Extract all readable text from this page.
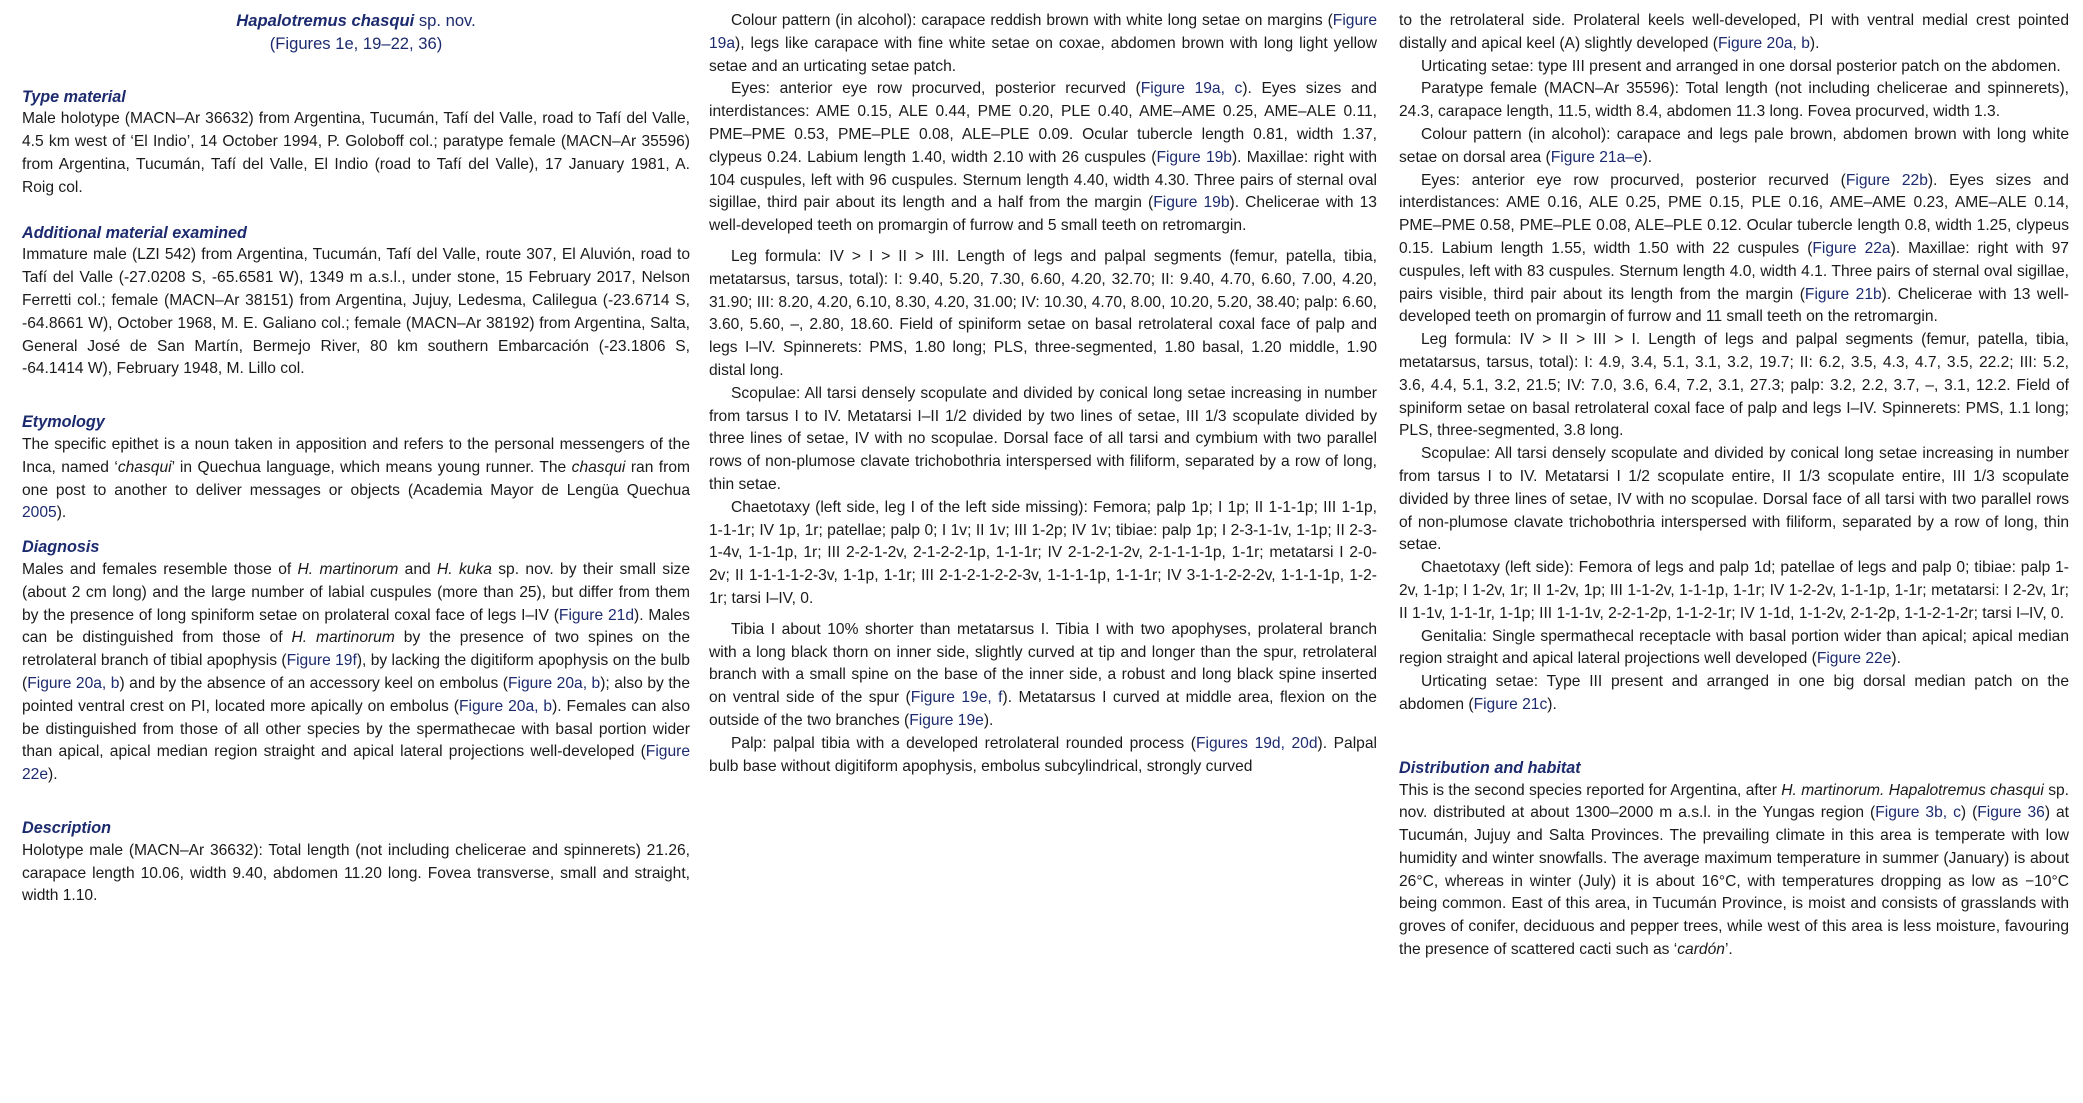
Hapalotremus chasqui sp. nov.
(Figures 1e, 19–22, 36)
Type material

Male holotype (MACN–Ar 36632) from Argentina, Tucumán, Tafí del Valle, road to Tafí del Valle, 4.5 km west of ‘El Indio’, 14 October 1994, P. Goloboff col.; paratype female (MACN–Ar 35596) from Argentina, Tucumán, Tafí del Valle, El Indio (road to Tafí del Valle), 17 January 1981, A. Roig col.

Additional material examined

Immature male (LZI 542) from Argentina, Tucumán, Tafí del Valle, route 307, El Aluvión, road to Tafí del Valle (-27.0208 S, -65.6581 W), 1349 m a.s.l., under stone, 15 February 2017, Nelson Ferretti col.; female (MACN–Ar 38151) from Argentina, Jujuy, Ledesma, Calilegua (-23.6714 S, -64.8661 W), October 1968, M. E. Galiano col.; female (MACN–Ar 38192) from Argentina, Salta, General José de San Martín, Bermejo River, 80 km southern Embarcación (-23.1806 S, -64.1414 W), February 1948, M. Lillo col.

Etymology

The specific epithet is a noun taken in apposition and refers to the personal messengers of the Inca, named ‘chasqui’ in Quechua language, which means young runner. The chasqui ran from one post to another to deliver messages or objects (Academia Mayor de Lengüa Quechua 2005).

Diagnosis

Males and females resemble those of H. martinorum and H. kuka sp. nov. by their small size (about 2 cm long) and the large number of labial cuspules (more than 25), but differ from them by the presence of long spiniform setae on prolateral coxal face of legs I–IV (Figure 21d). Males can be distinguished from those of H. martinorum by the presence of two spines on the retrolateral branch of tibial apophysis (Figure 19f), by lacking the digitiform apophysis on the bulb (Figure 20a, b) and by the absence of an accessory keel on embolus (Figure 20a, b); also by the pointed ventral crest on PI, located more apically on embolus (Figure 20a, b). Females can also be distinguished from those of all other species by the spermathecae with basal portion wider than apical, apical median region straight and apical lateral projections well-developed (Figure 22e).

Description

Holotype male (MACN–Ar 36632): Total length (not including chelicerae and spinnerets) 21.26, carapace length 10.06, width 9.40, abdomen 11.20 long. Fovea transverse, small and straight, width 1.10.

Colour pattern (in alcohol): carapace reddish brown with white long setae on margins (Figure 19a), legs like carapace with fine white setae on coxae, abdomen brown with long light yellow setae and an urticating setae patch.

Eyes: anterior eye row procurved, posterior recurved (Figure 19a, c). Eyes sizes and interdistances: AME 0.15, ALE 0.44, PME 0.20, PLE 0.40, AME–AME 0.25, AME–ALE 0.11, PME–PME 0.53, PME–PLE 0.08, ALE–PLE 0.09. Ocular tubercle length 0.81, width 1.37, clypeus 0.24. Labium length 1.40, width 2.10 with 26 cuspules (Figure 19b). Maxillae: right with 104 cuspules, left with 96 cuspules. Sternum length 4.40, width 4.30. Three pairs of sternal oval sigillae, third pair about its length and a half from the margin (Figure 19b). Chelicerae with 13 well-developed teeth on promargin of furrow and 5 small teeth on retromargin.

Leg formula: IV > I > II > III. Length of legs and palpal segments (femur, patella, tibia, metatarsus, tarsus, total): I: 9.40, 5.20, 7.30, 6.60, 4.20, 32.70; II: 9.40, 4.70, 6.60, 7.00, 4.20, 31.90; III: 8.20, 4.20, 6.10, 8.30, 4.20, 31.00; IV: 10.30, 4.70, 8.00, 10.20, 5.20, 38.40; palp: 6.60, 3.60, 5.60, –, 2.80, 18.60. Field of spiniform setae on basal retrolateral coxal face of palp and legs I–IV. Spinnerets: PMS, 1.80 long; PLS, three-segmented, 1.80 basal, 1.20 middle, 1.90 distal long.

Scopulae: All tarsi densely scopulate and divided by conical long setae increasing in number from tarsus I to IV. Metatarsi I–II 1/2 divided by two lines of setae, III 1/3 scopulate divided by three lines of setae, IV with no scopulae. Dorsal face of all tarsi and cymbium with two parallel rows of non-plumose clavate trichobothria interspersed with filiform, separated by a row of long, thin setae.

Chaetotaxy (left side, leg I of the left side missing): Femora; palp 1p; I 1p; II 1-1-1p; III 1-1p, 1-1-1r; IV 1p, 1r; patellae; palp 0; I 1v; II 1v; III 1-2p; IV 1v; tibiae: palp 1p; I 2-3-1-1v, 1-1p; II 2-3-1-4v, 1-1-1p, 1r; III 2-2-1-2v, 2-1-2-2-1p, 1-1-1r; IV 2-1-2-1-2v, 2-1-1-1-1p, 1-1r; metatarsi I 2-0-2v; II 1-1-1-1-2-3v, 1-1p, 1-1r; III 2-1-2-1-2-2-3v, 1-1-1-1p, 1-1-1r; IV 3-1-1-2-2-2v, 1-1-1-1p, 1-2-1r; tarsi I–IV, 0.

Tibia I about 10% shorter than metatarsus I. Tibia I with two apophyses, prolateral branch with a long black thorn on inner side, slightly curved at tip and longer than the spur, retrolateral branch with a small spine on the base of the inner side, a robust and long black spine inserted on ventral side of the spur (Figure 19e, f). Metatarsus I curved at middle area, flexion on the outside of the two branches (Figure 19e).

Palp: palpal tibia with a developed retrolateral rounded process (Figures 19d, 20d). Palpal bulb base without digitiform apophysis, embolus subcylindrical, strongly curved

to the retrolateral side. Prolateral keels well-developed, PI with ventral medial crest pointed distally and apical keel (A) slightly developed (Figure 20a, b).

Urticating setae: type III present and arranged in one dorsal posterior patch on the abdomen.

Paratype female (MACN–Ar 35596): Total length (not including chelicerae and spinnerets), 24.3, carapace length, 11.5, width 8.4, abdomen 11.3 long. Fovea procurved, width 1.3.

Colour pattern (in alcohol): carapace and legs pale brown, abdomen brown with long white setae on dorsal area (Figure 21a–e).

Eyes: anterior eye row procurved, posterior recurved (Figure 22b). Eyes sizes and interdistances: AME 0.16, ALE 0.25, PME 0.15, PLE 0.16, AME–AME 0.23, AME–ALE 0.14, PME–PME 0.58, PME–PLE 0.08, ALE–PLE 0.12. Ocular tubercle length 0.8, width 1.25, clypeus 0.15. Labium length 1.55, width 1.50 with 22 cuspules (Figure 22a). Maxillae: right with 97 cuspules, left with 83 cuspules. Sternum length 4.0, width 4.1. Three pairs of sternal oval sigillae, pairs visible, third pair about its length from the margin (Figure 21b). Chelicerae with 13 well-developed teeth on promargin of furrow and 11 small teeth on the retromargin.

Leg formula: IV > II > III > I. Length of legs and palpal segments (femur, patella, tibia, metatarsus, tarsus, total): I: 4.9, 3.4, 5.1, 3.1, 3.2, 19.7; II: 6.2, 3.5, 4.3, 4.7, 3.5, 22.2; III: 5.2, 3.6, 4.4, 5.1, 3.2, 21.5; IV: 7.0, 3.6, 6.4, 7.2, 3.1, 27.3; palp: 3.2, 2.2, 3.7, –, 3.1, 12.2. Field of spiniform setae on basal retrolateral coxal face of palp and legs I–IV. Spinnerets: PMS, 1.1 long; PLS, three-segmented, 3.8 long.

Scopulae: All tarsi densely scopulate and divided by conical long setae increasing in number from tarsus I to IV. Metatarsi I 1/2 scopulate entire, II 1/3 scopulate entire, III 1/3 scopulate divided by three lines of setae, IV with no scopulae. Dorsal face of all tarsi with two parallel rows of non-plumose clavate trichobothria interspersed with filiform, separated by a row of long, thin setae.

Chaetotaxy (left side): Femora of legs and palp 1d; patellae of legs and palp 0; tibiae: palp 1-2v, 1-1p; I 1-2v, 1r; II 1-2v, 1p; III 1-1-2v, 1-1-1p, 1-1r; IV 1-2-2v, 1-1-1p, 1-1r; metatarsi: I 2-2v, 1r; II 1-1v, 1-1-1r, 1-1p; III 1-1-1v, 2-2-1-2p, 1-1-2-1r; IV 1-1d, 1-1-2v, 2-1-2p, 1-1-2-1-2r; tarsi I–IV, 0.

Genitalia: Single spermathecal receptacle with basal portion wider than apical; apical median region straight and apical lateral projections well developed (Figure 22e).

Urticating setae: Type III present and arranged in one big dorsal median patch on the abdomen (Figure 21c).

Distribution and habitat

This is the second species reported for Argentina, after H. martinorum. Hapalotremus chasqui sp. nov. distributed at about 1300–2000 m a.s.l. in the Yungas region (Figure 3b, c) (Figure 36) at Tucumán, Jujuy and Salta Provinces. The prevailing climate in this area is temperate with low humidity and winter snowfalls. The average maximum temperature in summer (January) is about 26°C, whereas in winter (July) it is about 16°C, with temperatures dropping as low as −10°C being common. East of this area, in Tucumán Province, is moist and consists of grasslands with groves of conifer, deciduous and pepper trees, while west of this area is less moisture, favouring the presence of scattered cacti such as ‘cardón’.
